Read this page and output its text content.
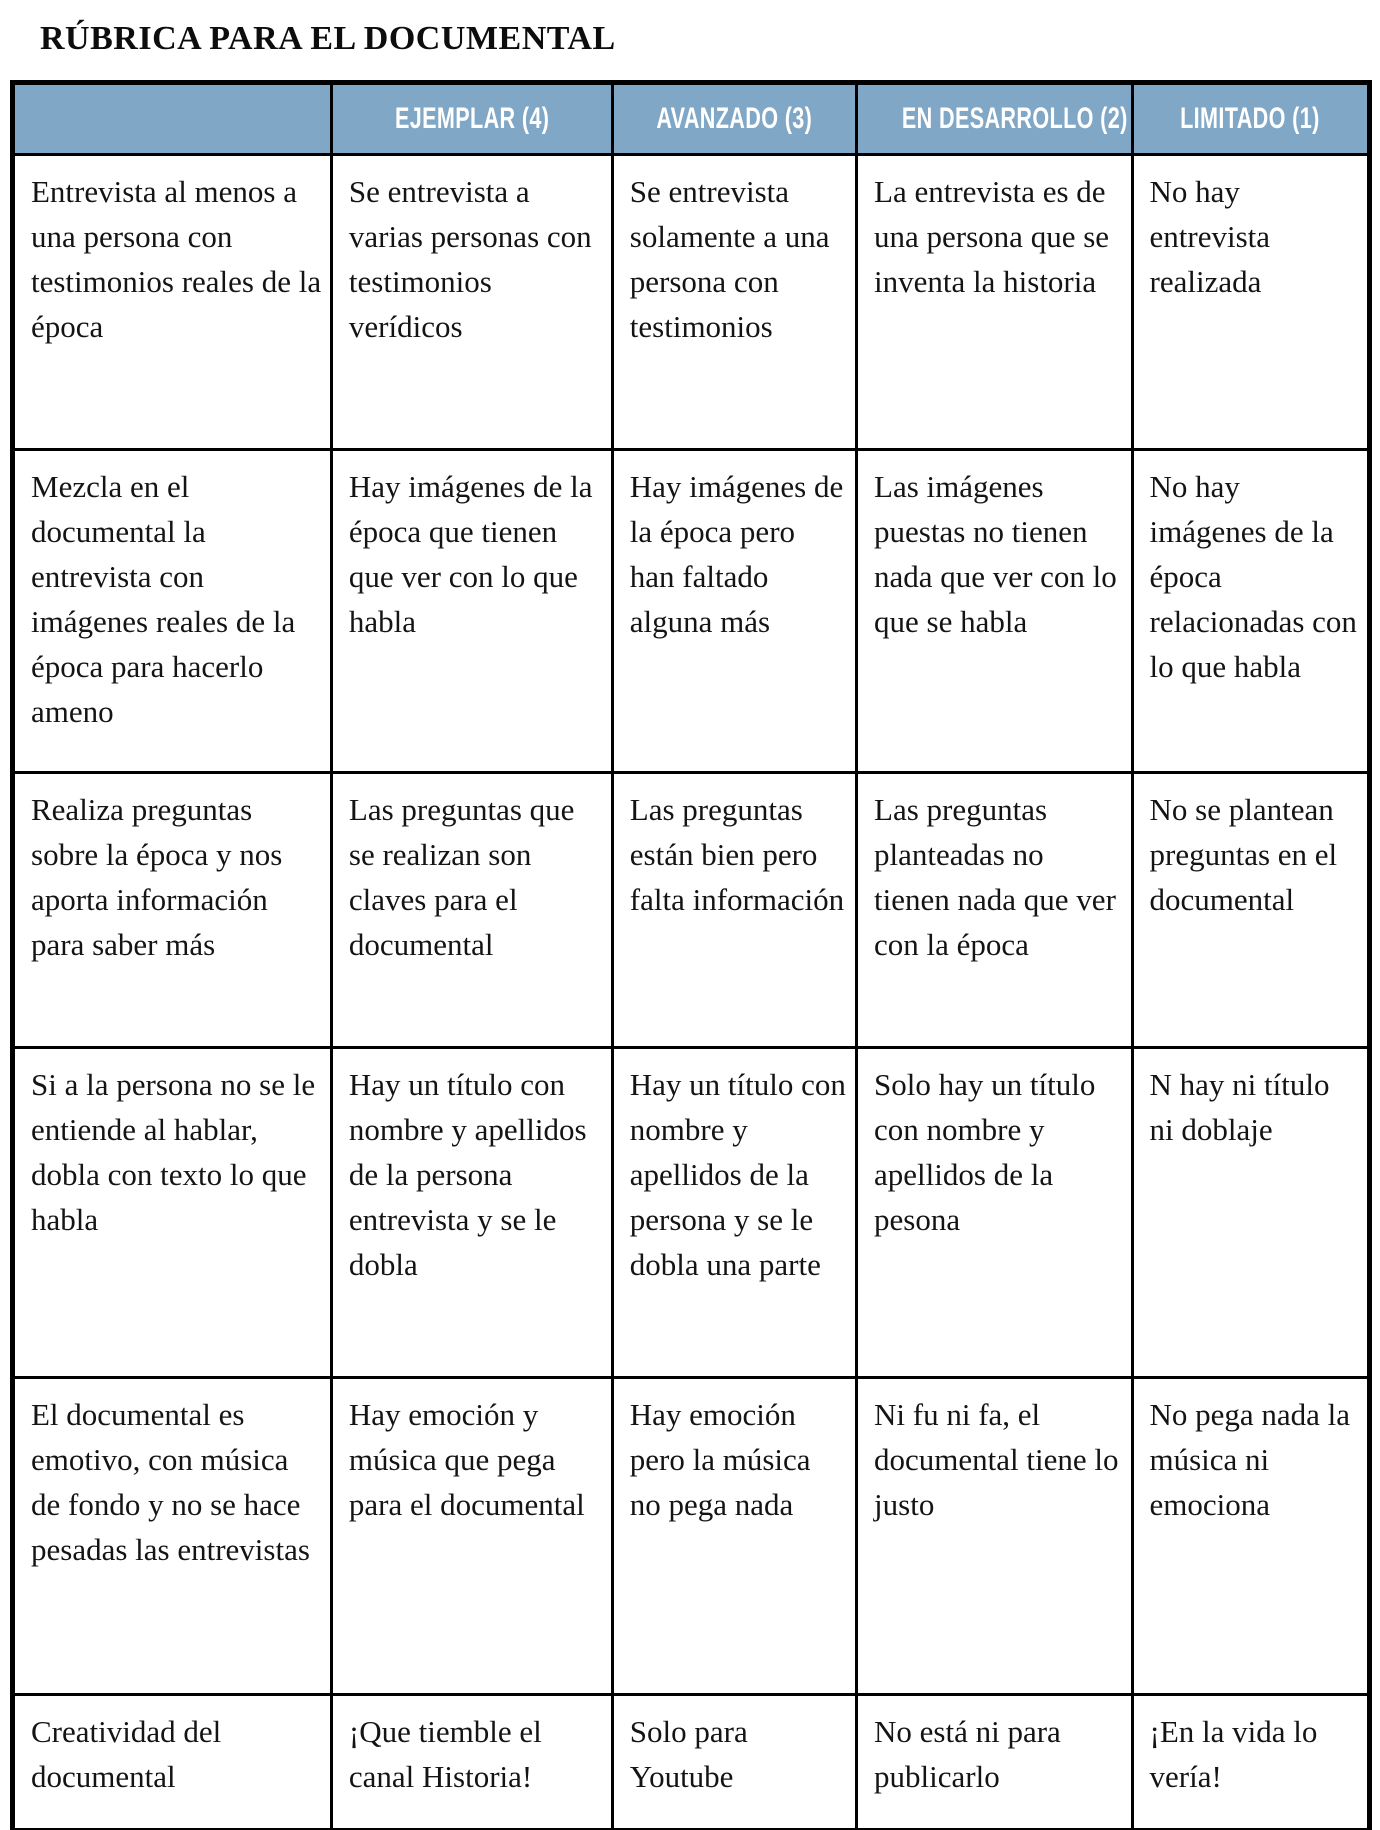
RÚBRICA PARA EL DOCUMENTAL
	EJEMPLAR (4)	AVANZADO (3)	EN DESARROLLO (2)	LIMITADO (1)
Entrevista al menos a una persona con testimonios reales de la época	Se entrevista a varias personas con testimonios verídicos	Se entrevista solamente a una persona con testimonios	La entrevista es de una persona que se inventa la historia	No hay entrevista realizada
Mezcla en el documental la entrevista con imágenes reales de la época para hacerlo ameno	Hay imágenes de la época que tienen que ver con lo que habla	Hay imágenes de la época pero han faltado alguna más	Las imágenes puestas no tienen nada que ver con lo que se habla	No hay imágenes de la época relacionadas con lo que habla
Realiza preguntas sobre la época y nos aporta información para saber más	Las preguntas que se realizan son claves para el documental	Las preguntas están bien pero falta información	Las preguntas planteadas no tienen nada que ver con la época	No se plantean preguntas en el documental
Si a la persona no se le entiende al hablar, dobla con texto lo que habla	Hay un título con nombre y apellidos de la persona entrevista y se le dobla	Hay un título con nombre y apellidos de la persona y se le dobla una parte	Solo hay un título con nombre y apellidos de la pesona	N hay ni título ni doblaje
El documental es emotivo, con música de fondo y no se hace pesadas las entrevistas	Hay emoción y música que pega para el documental	Hay emoción pero la música no pega nada	Ni fu ni fa, el documental tiene lo justo	No pega nada la música ni emociona
Creatividad del documental	¡Que tiemble el canal Historia!	Solo para Youtube	No está ni para publicarlo	¡En la vida lo vería!
